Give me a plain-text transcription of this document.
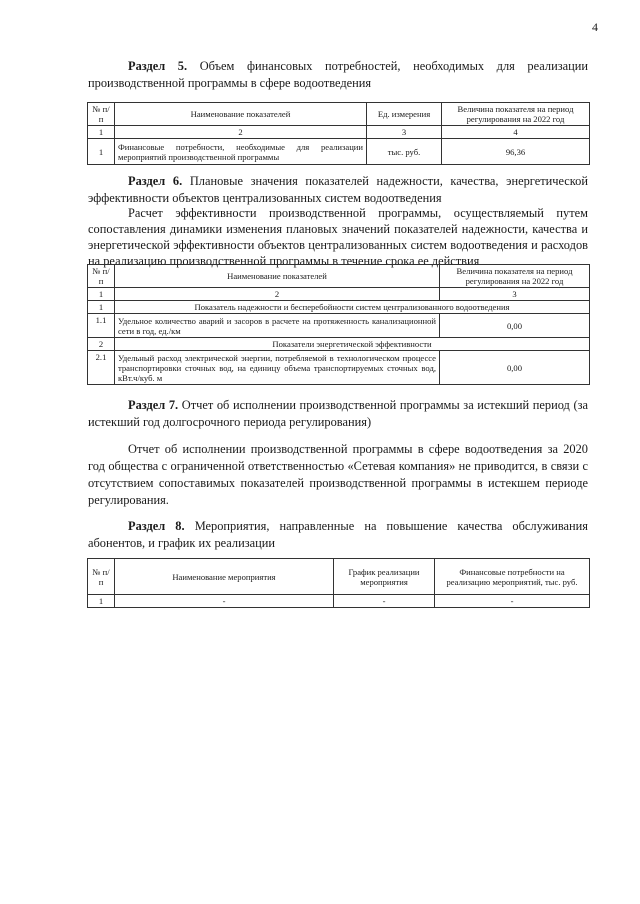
4

Раздел 5. Объем финансовых потребностей, необходимых для реализации производственной программы в сфере водоотведения

№ п/п	Наименование показателей	Ед. измерения	Величина показателя на период регулирования на 2022 год
1	2	3	4
1	Финансовые потребности, необходимые для реализации мероприятий производственной программы	тыс. руб.	96,36

Раздел 6. Плановые значения показателей надежности, качества, энергетической эффективности объектов централизованных систем водоотведения

Расчет эффективности производственной программы, осуществляемый путем сопоставления динамики изменения плановых значений показателей надежности, качества и энергетической эффективности объектов централизованных систем водоотведения и расходов на реализацию производственной программы в течение срока ее действия

№ п/п	Наименование показателей	Величина показателя на период регулирования на 2022 год
1	2	3
1	Показатель надежности и бесперебойности систем централизованного водоотведения	
1.1	Удельное количество аварий и засоров в расчете на протяженность канализационной сети в год, ед./км	0,00
2	Показатели энергетической эффективности	
2.1	Удельный расход электрической энергии, потребляемой в технологическом процессе транспортировки сточных вод, на единицу объема транспортируемых сточных вод, кВт.ч/куб. м	0,00

Раздел 7. Отчет об исполнении производственной программы за истекший период (за истекший год долгосрочного периода регулирования)

Отчет об исполнении производственной программы в сфере водоотведения за 2020 год общества с ограниченной ответственностью «Сетевая компания» не приводится, в связи с отсутствием сопоставимых показателей производственной программы в истекшем периоде регулирования.

Раздел 8. Мероприятия, направленные на повышение качества обслуживания абонентов, и график их реализации

№ п/п	Наименование мероприятия	График реализации мероприятия	Финансовые потребности на реализацию мероприятий, тыс. руб.
1	-	-	-
